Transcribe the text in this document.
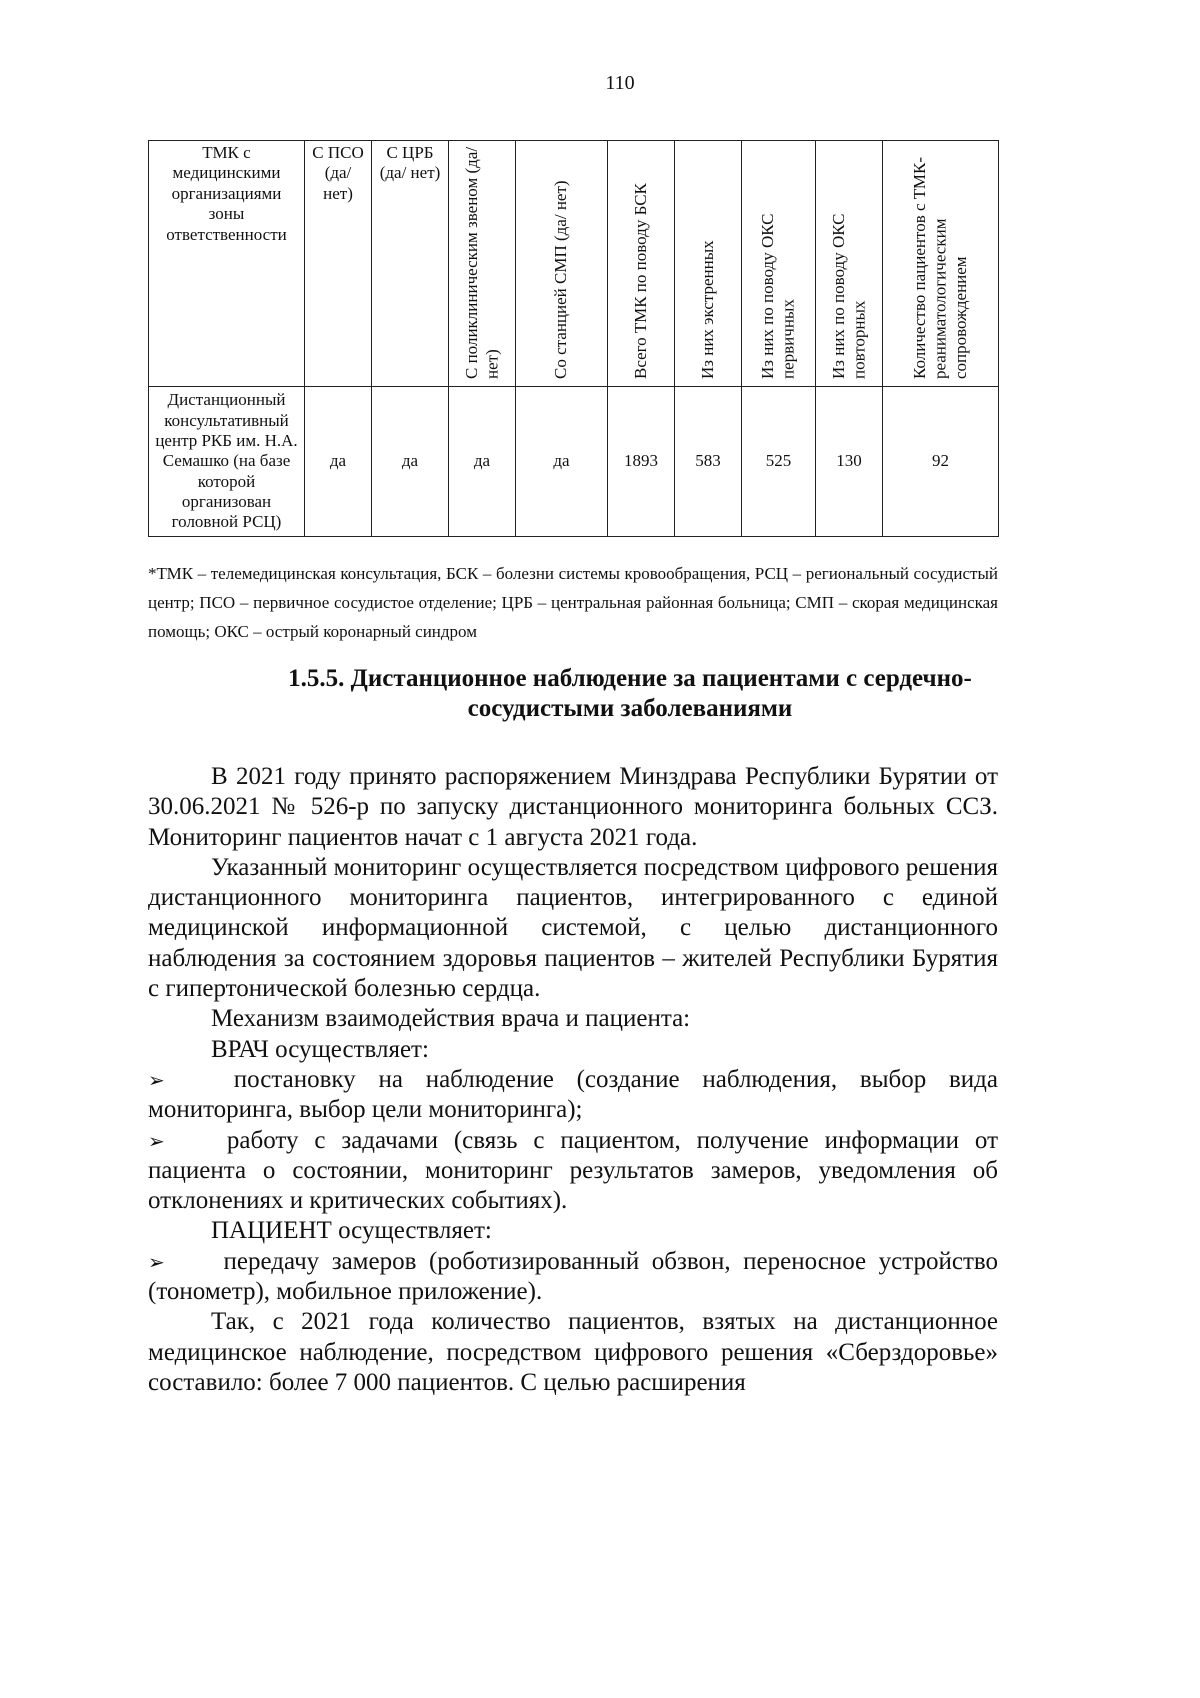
110
ТМК с медицинскими организациями зоны ответственности	С ПСО (да/ нет)	С ЦРБ (да/ нет)	С поликлиническим звеном (да/ нет)	Со станцией СМП (да/ нет)	Всего ТМК по поводу БСК	Из них экстренных	Из них по поводу ОКС первичных	Из них по поводу ОКС повторных	Количество пациентов с ТМК-реаниматологическим сопровождением

Дистанционный консультативный центр РКБ им. Н.А. Семашко (на базе которой организован головной РСЦ)	да	да	да	да	1893	583	525	130	92
*ТМК – телемедицинская консультация, БСК – болезни системы кровообращения, РСЦ – региональный сосудистый центр; ПСО – первичное сосудистое отделение; ЦРБ – центральная районная больница; СМП – скорая медицинская помощь; ОКС – острый коронарный синдром
1.5.5. Дистанционное наблюдение за пациентами с сердечно-сосудистыми заболеваниями

В 2021 году принято распоряжением Минздрава Республики Бурятии от 30.06.2021 № 526-р по запуску дистанционного мониторинга больных ССЗ. Мониторинг пациентов начат с 1 августа 2021 года.

Указанный мониторинг осуществляется посредством цифрового решения дистанционного мониторинга пациентов, интегрированного с единой медицинской информационной системой, с целью дистанционного наблюдения за состоянием здоровья пациентов – жителей Республики Бурятия с гипертонической болезнью сердца.

Механизм взаимодействия врача и пациента:

ВРАЧ осуществляет:

➢	постановку на наблюдение (создание наблюдения, выбор вида мониторинга, выбор цели мониторинга);
➢ работу с задачами (связь с пациентом, получение информации от пациента о состоянии, мониторинг результатов замеров, уведомления об отклонениях и критических событиях).

ПАЦИЕНТ осуществляет:

➢ передачу замеров (роботизированный обзвон, переносное устройство (тонометр), мобильное приложение).

Так, с 2021 года количество пациентов, взятых на дистанционное медицинское наблюдение, посредством цифрового решения «Сберздоровье» составило: более 7 000 пациентов. С целью расширения
